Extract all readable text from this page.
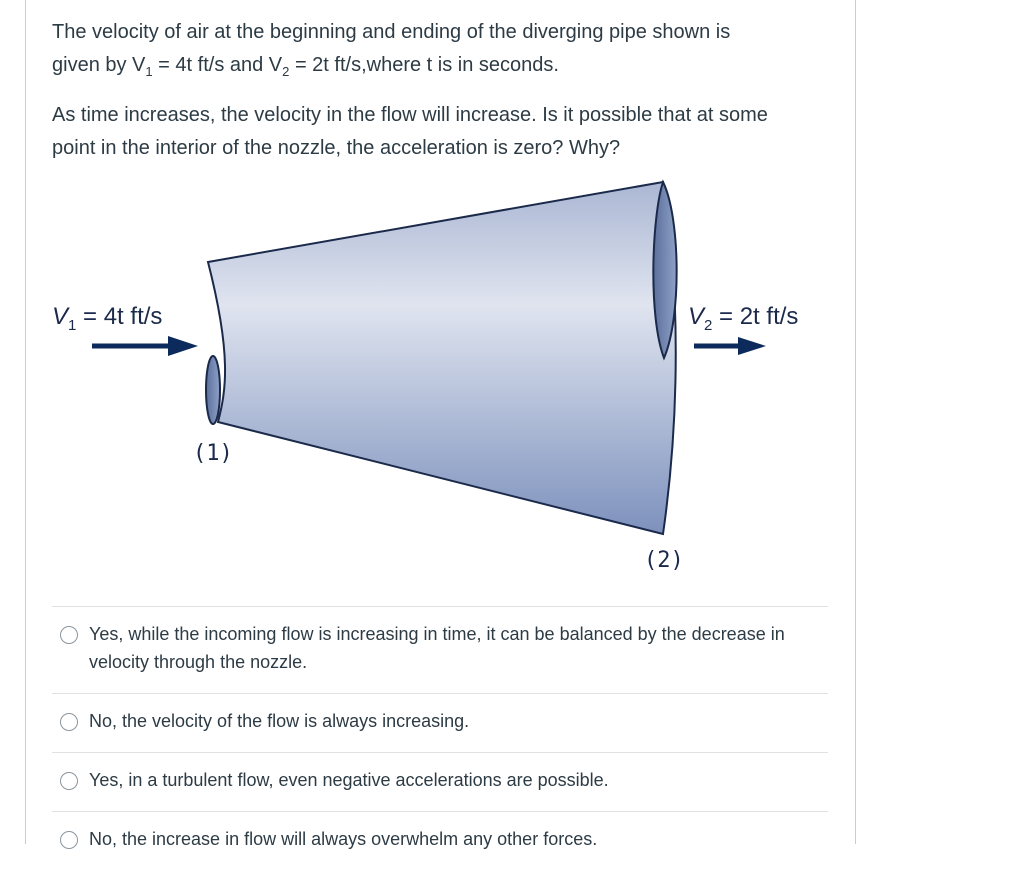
The velocity of air at the beginning and ending of the diverging pipe shown is
given by $V_1 = 4t$ ft/s and $V_2 = 2t$ ft/s,where t is in seconds.
As time increases, the velocity in the flow will increase. Is it possible that at some point in the interior of the nozzle, the acceleration is zero? Why?
$V_1 = 4t$ ft/s	$V_2 = 2t$ ft/s
(1)
(2)
Yes, while the incoming flow is increasing in time, it can be balanced by the decrease in velocity through the nozzle.
No, the velocity of the flow is always increasing.
Yes, in a turbulent flow, even negative accelerations are possible.
No, the increase in flow will always overwhelm any other forces.
